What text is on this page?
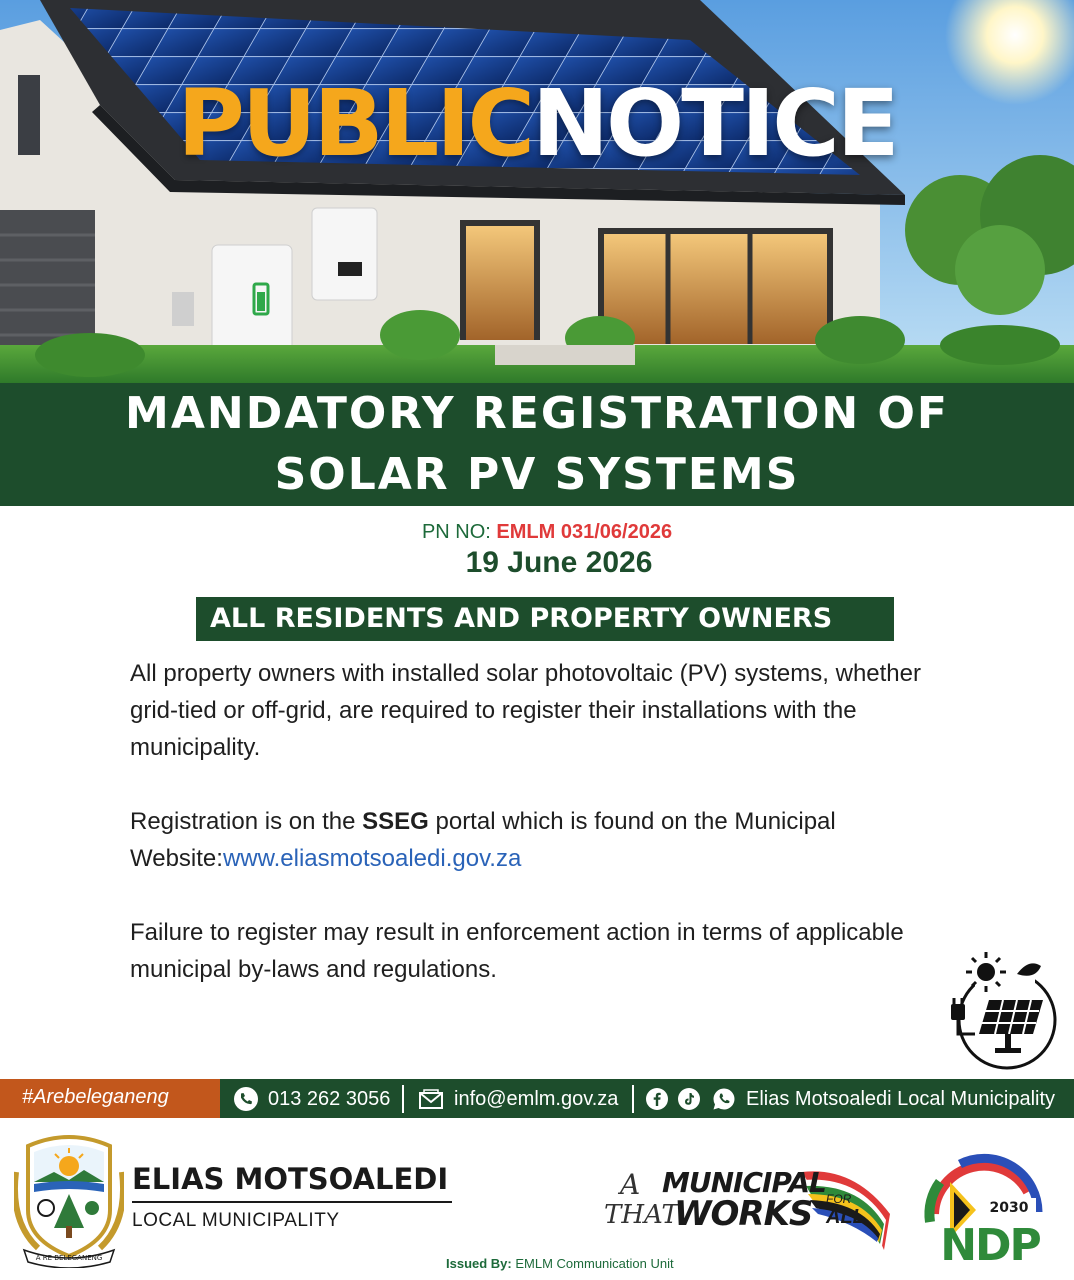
PUBLICNOTICE
MANDATORY REGISTRATION OF
SOLAR PV SYSTEMS
PN NO: EMLM 031/06/2026
19 June 2026
ALL RESIDENTS AND PROPERTY OWNERS

All property owners with installed solar photovoltaic (PV) systems, whether grid-tied or off-grid, are required to register their installations with the municipality.

Registration is on the SSEG portal which is found on the Municipal Website:www.eliasmotsoaledi.gov.za

Failure to register may result in enforcement action in terms of applicable municipal by-laws and regulations.

#Arebeleganeng	013 262 3056	info@emlm.gov.za	Elias Motsoaledi Local Municipality
A RE BELEGANENG
ELIAS MOTSOALEDI
LOCAL MUNICIPALITY
A MUNICIPAL
THAT
WORKS FOR
ALL	2030
NDP
Issued By: EMLM Communication Unit
